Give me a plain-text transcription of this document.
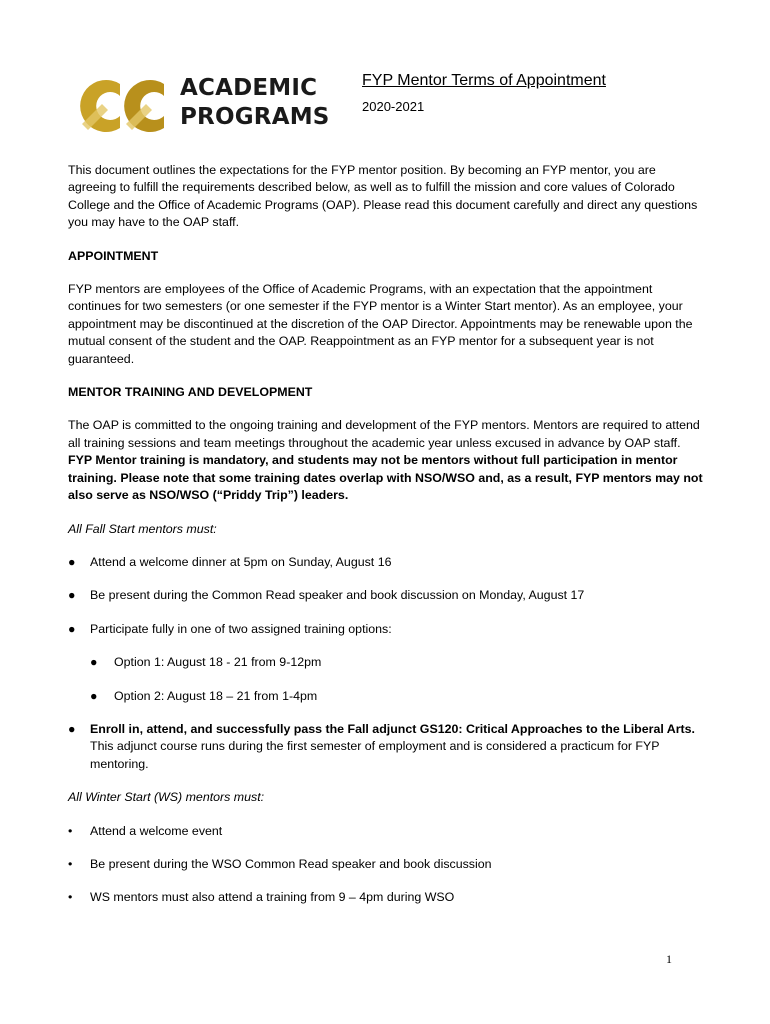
ACADEMIC
PROGRAMS
FYP Mentor Terms of Appointment
2020-2021

This document outlines the expectations for the FYP mentor position. By becoming an FYP mentor, you are agreeing to fulfill the requirements described below, as well as to fulfill the mission and core values of Colorado College and the Office of Academic Programs (OAP). Please read this document carefully and direct any questions you may have to the OAP staff.

APPOINTMENT

FYP mentors are employees of the Office of Academic Programs, with an expectation that the appointment continues for two semesters (or one semester if the FYP mentor is a Winter Start mentor). As an employee, your appointment may be discontinued at the discretion of the OAP Director. Appointments may be renewable upon the mutual consent of the student and the OAP. Reappointment as an FYP mentor for a subsequent year is not guaranteed.

MENTOR TRAINING AND DEVELOPMENT

The OAP is committed to the ongoing training and development of the FYP mentors. Mentors are required to attend all training sessions and team meetings throughout the academic year unless excused in advance by OAP staff. FYP Mentor training is mandatory, and students may not be mentors without full participation in mentor training. Please note that some training dates overlap with NSO/WSO and, as a result, FYP mentors may not also serve as NSO/WSO (“Priddy Trip”) leaders.

All Fall Start mentors must:

● Attend a welcome dinner at 5pm on Sunday, August 16
● Be present during the Common Read speaker and book discussion on Monday, August 17
● Participate fully in one of two assigned training options:
● Option 1: August 18 - 21 from 9-12pm
● Option 2: August 18 – 21 from 1-4pm
● Enroll in, attend, and successfully pass the Fall adjunct GS120: Critical Approaches to the Liberal Arts. This adjunct course runs during the first semester of employment and is considered a practicum for FYP mentoring.

All Winter Start (WS) mentors must:

• Attend a welcome event
• Be present during the WSO Common Read speaker and book discussion
• WS mentors must also attend a training from 9 – 4pm during WSO
1
